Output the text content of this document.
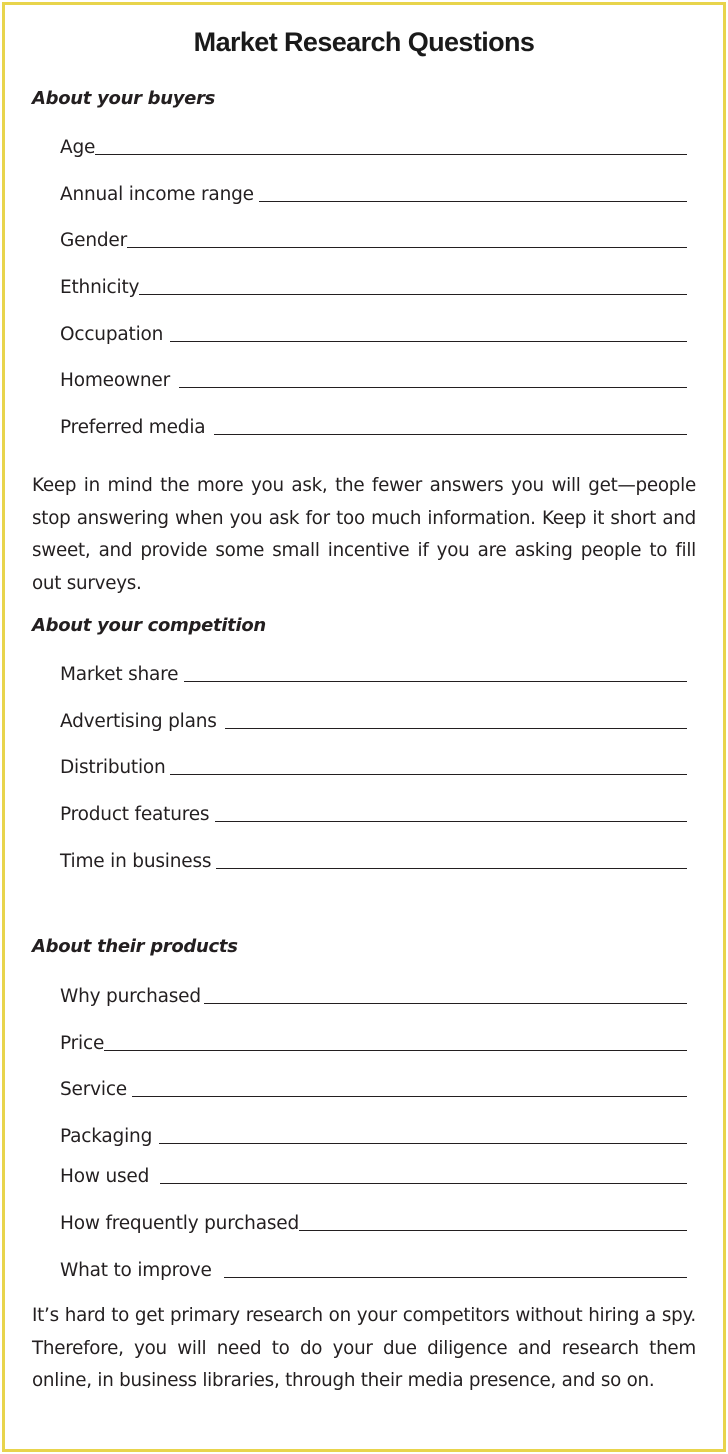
Market Research Questions
About your buyers
Age
Annual income range
Gender
Ethnicity
Occupation
Homeowner
Preferred media

Keep in mind the more you ask, the fewer answers you will get—people stop answering when you ask for too much information. Keep it short and sweet, and provide some small incentive if you are asking people to fill out surveys.

About your competition
Market share
Advertising plans
Distribution
Product features
Time in business
About their products
Why purchased
Price
Service
Packaging
How used
How frequently purchased
What to improve

It’s hard to get primary research on your competitors without hiring a spy. Therefore, you will need to do your due diligence and research them online, in business libraries, through their media presence, and so on.
